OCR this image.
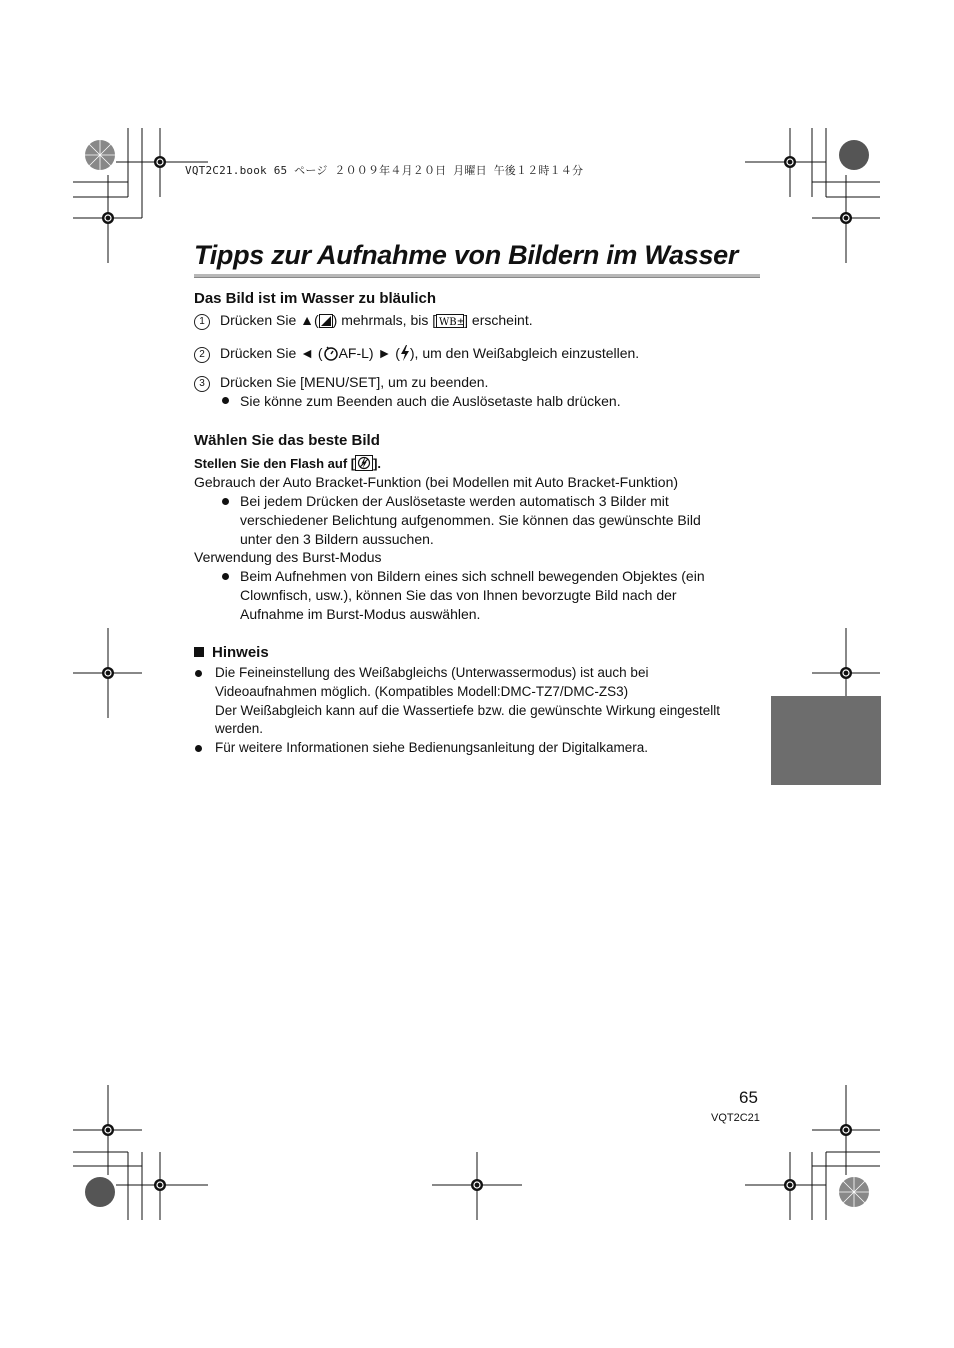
VQT2C21.book 65 ページ ２００９年４月２０日 月曜日 午後１２時１４分
Tipps zur Aufnahme von Bildern im Wasser
Das Bild ist im Wasser zu bläulich
1 Drücken Sie ▲( ) mehrmals, bis [ WB±
] erscheint.
2 Drücken Sie ◄ ( AF-L) ► ( ), um den Weißabgleich einzustellen.
3 Drücken Sie [MENU/SET], um zu beenden.
Sie könne zum Beenden auch die Auslösetaste halb drücken.
Wählen Sie das beste Bild
Stellen Sie den Flash auf [ ].
Gebrauch der Auto Bracket-Funktion (bei Modellen mit Auto Bracket-Funktion)
Bei jedem Drücken der Auslösetaste werden automatisch 3 Bilder mit
verschiedener Belichtung aufgenommen. Sie können das gewünschte Bild
unter den 3 Bildern aussuchen.
Verwendung des Burst-Modus
Beim Aufnehmen von Bildern eines sich schnell bewegenden Objektes (ein
Clownfisch, usw.), können Sie das von Ihnen bevorzugte Bild nach der
Aufnahme im Burst-Modus auswählen.
Hinweis
Die Feineinstellung des Weißabgleichs (Unterwassermodus) ist auch bei
Videoaufnahmen möglich. (Kompatibles Modell:DMC-TZ7/DMC-ZS3)
Der Weißabgleich kann auf die Wassertiefe bzw. die gewünschte Wirkung eingestellt
werden.
Für weitere Informationen siehe Bedienungsanleitung der Digitalkamera.
65
VQT2C21
